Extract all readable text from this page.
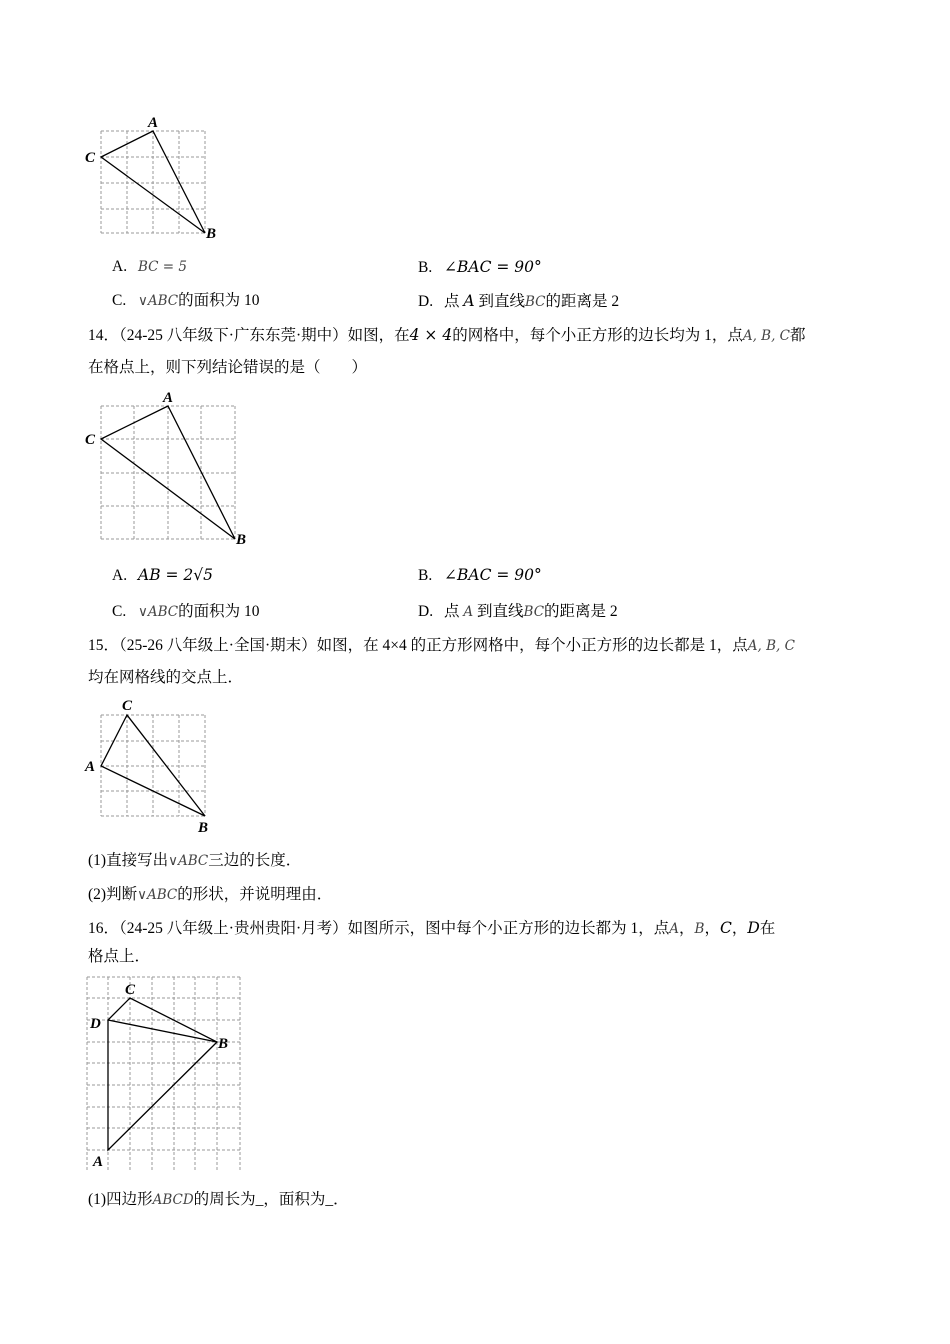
A
C
B
A. BC = 5	B. ∠BAC = 90°
C. ∨ABC的面积为 10	D. 点 A 到直线BC的距离是 2
14．（24-25 八年级下·广东东莞·期中）如图，在4 × 4的网格中，每个小正方形的边长均为 1，点A, B, C都
在格点上，则下列结论错误的是（　　）
A
C
B
A. AB = 2√5	B. ∠BAC = 90°
C. ∨ABC的面积为 10	D. 点 A 到直线BC的距离是 2
15．（25-26 八年级上·全国·期末）如图，在 4×4 的正方形网格中，每个小正方形的边长都是 1，点A, B, C
均在网格线的交点上．
C
A
B
(1)直接写出∨ABC三边的长度．
(2)判断∨ABC的形状，并说明理由．
16．（24-25 八年级上·贵州贵阳·月考）如图所示，图中每个小正方形的边长都为 1，点A，B，C，D在
格点上．
C
D
B
A
(1)四边形ABCD的周长为_，面积为_．
